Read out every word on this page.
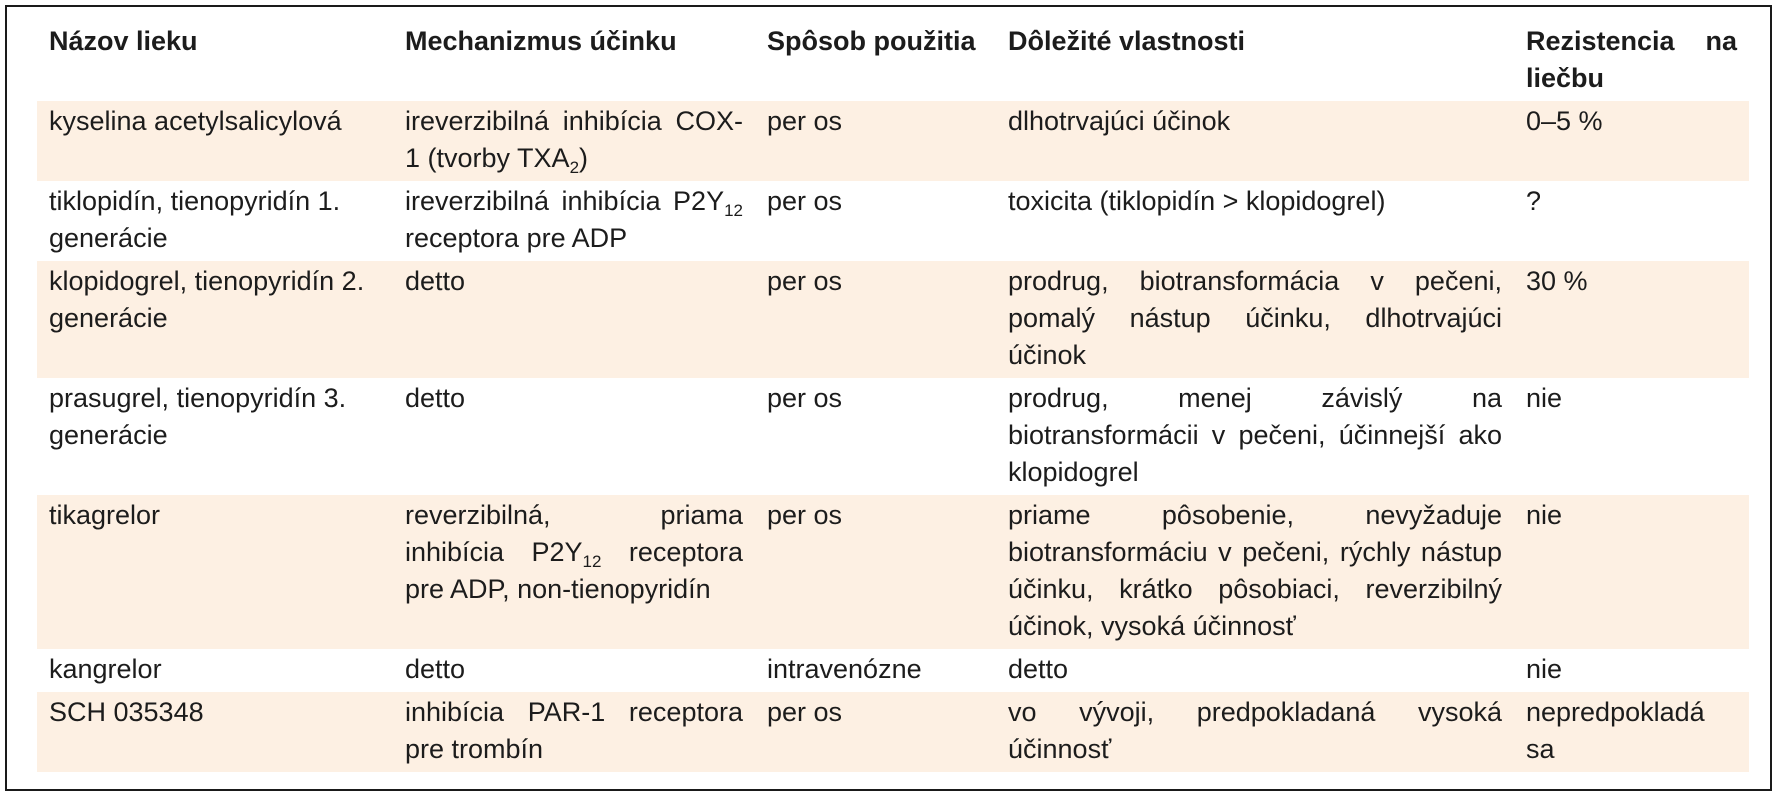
Názov lieku	Mechanizmus účinku	Spôsob použitia	Dôležité vlastnosti	Rezistencia na liečbu
kyselina acetylsalicylová	ireverzibilná inhibícia COX-1 (tvorby $TXA_2$)	per os	dlhotrvajúci účinok	0–5 %
tiklopidín, tienopyridín 1. generácie	ireverzibilná inhibícia $P2Y_{12}$ receptora pre ADP	per os	toxicita (tiklopidín > klopidogrel)	?
klopidogrel, tienopyridín 2. generácie	detto	per os	prodrug, biotransformácia v pečeni, pomalý nástup účinku, dlhotrvajúci účinok	30 %
prasugrel, tienopyridín 3. generácie	detto	per os	prodrug, menej závislý na biotransformácii v pečeni, účinnejší ako klopidogrel	nie
tikagrelor	reverzibilná, priama inhibícia $P2Y_{12}$ receptora pre ADP, non-tienopyridín	per os	priame pôsobenie, nevyžaduje biotransformáciu v pečeni, rýchly nástup účinku, krátko pôsobiaci, reverzibilný účinok, vysoká účinnosť	nie
kangrelor	detto	intravenózne	detto	nie
SCH 035348	inhibícia PAR-1 receptora pre trombín	per os	vo vývoji, predpokladaná vysoká účinnosť	nepredpokladá sa
